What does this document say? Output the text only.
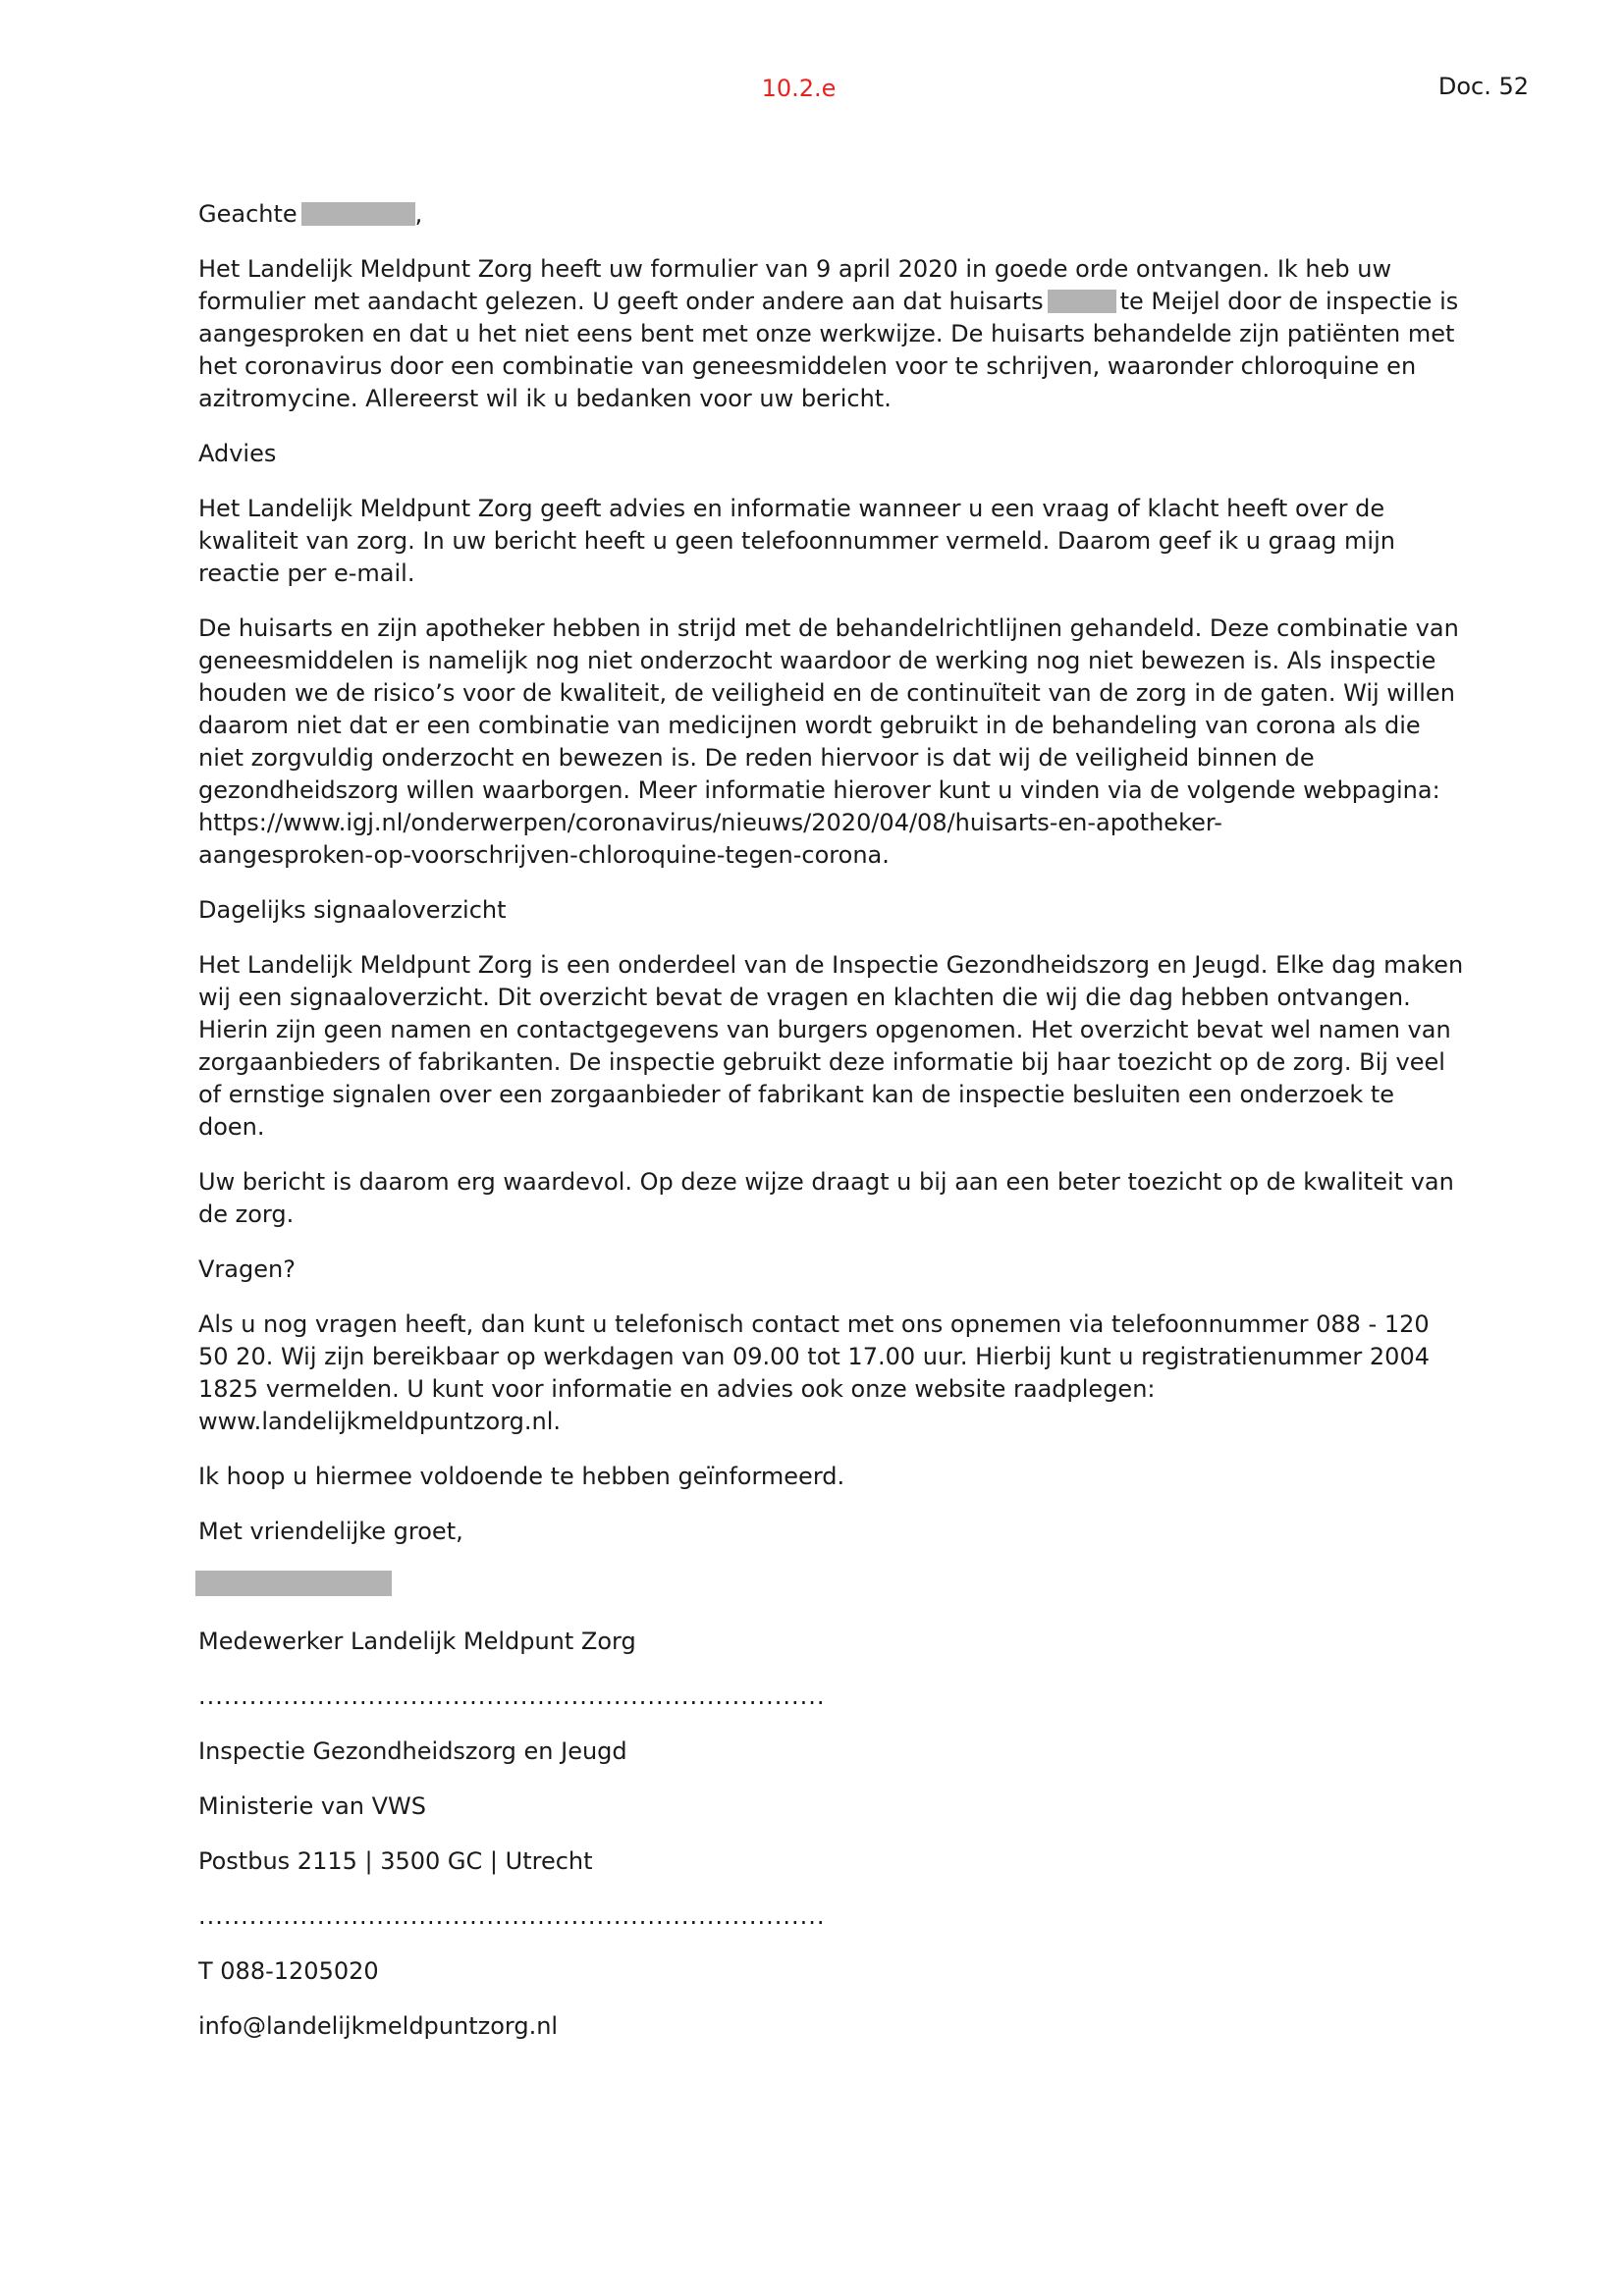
10.2.e	Doc. 52

Geachte	,

Het Landelijk Meldpunt Zorg heeft uw formulier van 9 april 2020 in goede orde ontvangen. Ik heb uw formulier met aandacht gelezen. U geeft onder andere aan dat huisarts	te Meijel door de inspectie is aangesproken en dat u het niet eens bent met onze werkwijze. De huisarts behandelde zijn patiënten met het coronavirus door een combinatie van geneesmiddelen voor te schrijven, waaronder chloroquine en azitromycine. Allereerst wil ik u bedanken voor uw bericht.

Advies

Het Landelijk Meldpunt Zorg geeft advies en informatie wanneer u een vraag of klacht heeft over de kwaliteit van zorg. In uw bericht heeft u geen telefoonnummer vermeld. Daarom geef ik u graag mijn reactie per e-mail.

De huisarts en zijn apotheker hebben in strijd met de behandelrichtlijnen gehandeld. Deze combinatie van geneesmiddelen is namelijk nog niet onderzocht waardoor de werking nog niet bewezen is. Als inspectie houden we de risico’s voor de kwaliteit, de veiligheid en de continuïteit van de zorg in de gaten. Wij willen daarom niet dat er een combinatie van medicijnen wordt gebruikt in de behandeling van corona als die niet zorgvuldig onderzocht en bewezen is. De reden hiervoor is dat wij de veiligheid binnen de gezondheidszorg willen waarborgen. Meer informatie hierover kunt u vinden via de volgende webpagina:
https://www.igj.nl/onderwerpen/coronavirus/nieuws/2020/04/08/huisarts-en-apotheker-
aangesproken-op-voorschrijven-chloroquine-tegen-corona.

Dagelijks signaaloverzicht

Het Landelijk Meldpunt Zorg is een onderdeel van de Inspectie Gezondheidszorg en Jeugd. Elke dag maken wij een signaaloverzicht. Dit overzicht bevat de vragen en klachten die wij die dag hebben ontvangen. Hierin zijn geen namen en contactgegevens van burgers opgenomen. Het overzicht bevat wel namen van zorgaanbieders of fabrikanten. De inspectie gebruikt deze informatie bij haar toezicht op de zorg. Bij veel of ernstige signalen over een zorgaanbieder of fabrikant kan de inspectie besluiten een onderzoek te doen.

Uw bericht is daarom erg waardevol. Op deze wijze draagt u bij aan een beter toezicht op de kwaliteit van de zorg.

Vragen?

Als u nog vragen heeft, dan kunt u telefonisch contact met ons opnemen via telefoonnummer 088 - 120 50 20. Wij zijn bereikbaar op werkdagen van 09.00 tot 17.00 uur. Hierbij kunt u registratienummer 2004 1825 vermelden. U kunt voor informatie en advies ook onze website raadplegen: www.landelijkmeldpuntzorg.nl.

Ik hoop u hiermee voldoende te hebben geïnformeerd.

Met vriendelijke groet,

Medewerker Landelijk Meldpunt Zorg

..........................................................................

Inspectie Gezondheidszorg en Jeugd

Ministerie van VWS

Postbus 2115 | 3500 GC | Utrecht

..........................................................................

T 088-1205020

info@landelijkmeldpuntzorg.nl
